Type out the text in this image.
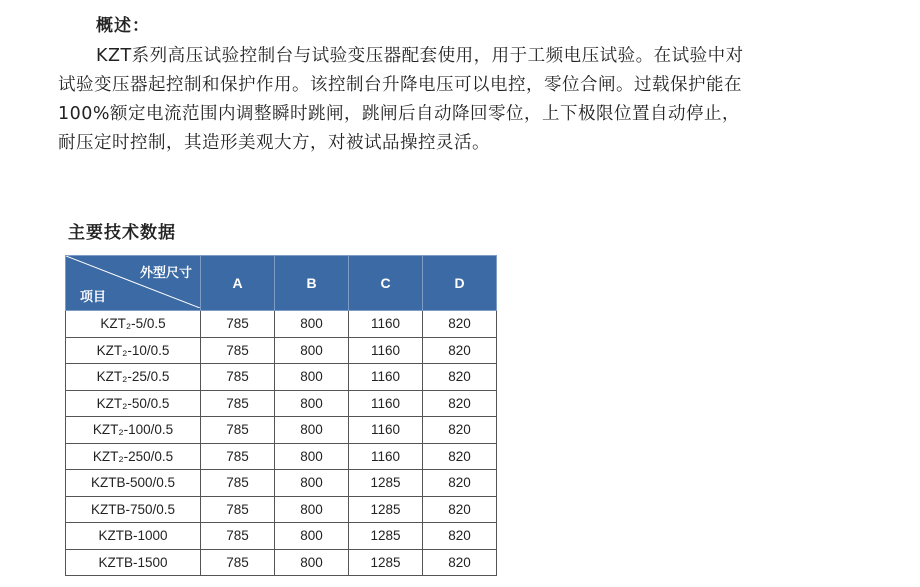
概述：
KZT系列高压试验控制台与试验变压器配套使用，用于工频电压试验。在试验中对
试验变压器起控制和保护作用。该控制台升降电压可以电控，零位合闸。过载保护能在
100%额定电流范围内调整瞬时跳闸，跳闸后自动降回零位，上下极限位置自动停止，
耐压定时控制，其造形美观大方，对被试品操控灵活。
主要技术数据
外型尺寸
项目	A	B	C	D
KZT₂-5/0.5	785	800	1160	820
KZT₂-10/0.5	785	800	1160	820
KZT₂-25/0.5	785	800	1160	820
KZT₂-50/0.5	785	800	1160	820
KZT₂-100/0.5	785	800	1160	820
KZT₂-250/0.5	785	800	1160	820
KZTB-500/0.5	785	800	1285	820
KZTB-750/0.5	785	800	1285	820
KZTB-1000	785	800	1285	820
KZTB-1500	785	800	1285	820
